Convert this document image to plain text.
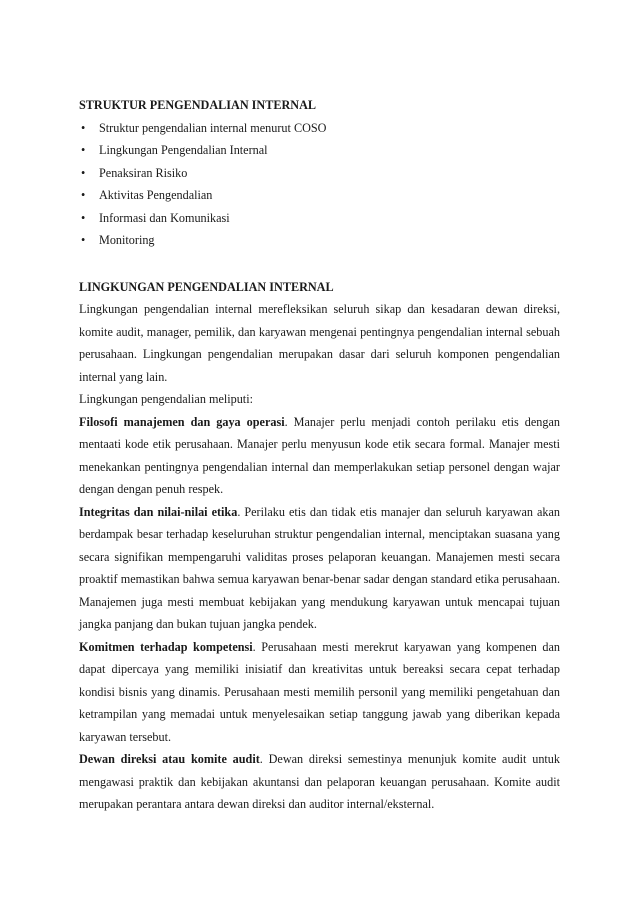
STRUKTUR PENGENDALIAN INTERNAL
• Struktur pengendalian internal menurut COSO
• Lingkungan Pengendalian Internal
• Penaksiran Risiko
• Aktivitas Pengendalian
• Informasi dan Komunikasi
• Monitoring
LINGKUNGAN PENGENDALIAN INTERNAL

Lingkungan pengendalian internal merefleksikan seluruh sikap dan kesadaran dewan direksi, komite audit, manager, pemilik, dan karyawan mengenai pentingnya pengendalian internal sebuah perusahaan. Lingkungan pengendalian merupakan dasar dari seluruh komponen pengendalian internal yang lain.

Lingkungan pengendalian meliputi:

Filosofi manajemen dan gaya operasi. Manajer perlu menjadi contoh perilaku etis dengan mentaati kode etik perusahaan. Manajer perlu menyusun kode etik secara formal. Manajer mesti menekankan pentingnya pengendalian internal dan memperlakukan setiap personel dengan wajar dengan dengan penuh respek.

Integritas dan nilai-nilai etika. Perilaku etis dan tidak etis manajer dan seluruh karyawan akan berdampak besar terhadap keseluruhan struktur pengendalian internal, menciptakan suasana yang secara signifikan mempengaruhi validitas proses pelaporan keuangan. Manajemen mesti secara proaktif memastikan bahwa semua karyawan benar-benar sadar dengan standard etika perusahaan. Manajemen juga mesti membuat kebijakan yang mendukung karyawan untuk mencapai tujuan jangka panjang dan bukan tujuan jangka pendek.

Komitmen terhadap kompetensi. Perusahaan mesti merekrut karyawan yang kompenen dan dapat dipercaya yang memiliki inisiatif dan kreativitas untuk bereaksi secara cepat terhadap kondisi bisnis yang dinamis. Perusahaan mesti memilih personil yang memiliki pengetahuan dan ketrampilan yang memadai untuk menyelesaikan setiap tanggung jawab yang diberikan kepada karyawan tersebut.

Dewan direksi atau komite audit. Dewan direksi semestinya menunjuk komite audit untuk mengawasi praktik dan kebijakan akuntansi dan pelaporan keuangan perusahaan. Komite audit merupakan perantara antara dewan direksi dan auditor internal/eksternal.
